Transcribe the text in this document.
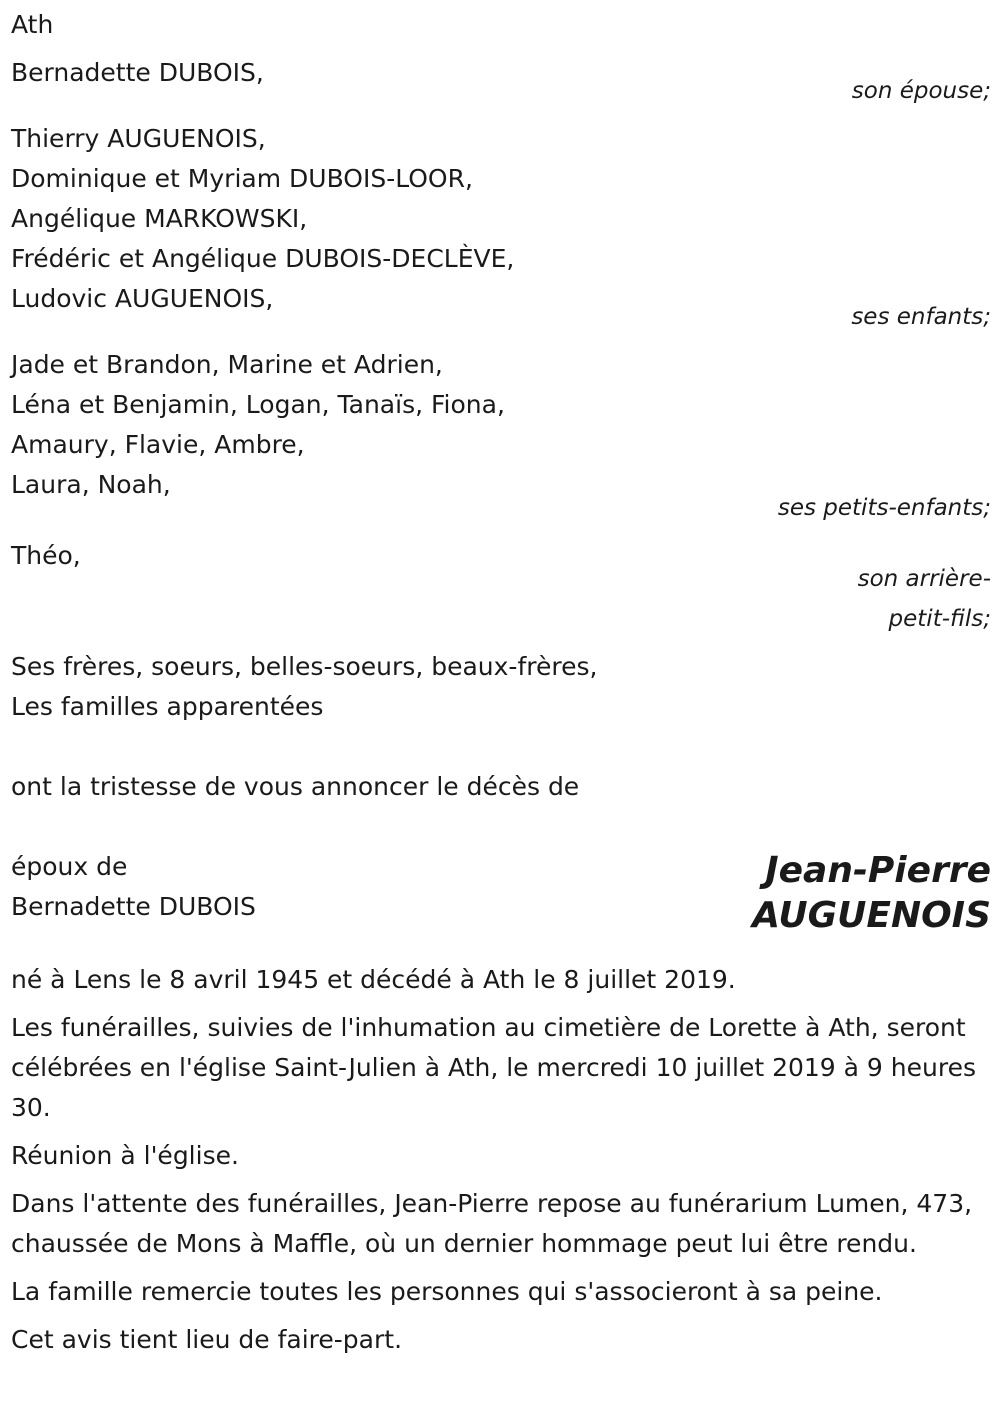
Ath
Bernadette DUBOIS,
son épouse;
Thierry AUGUENOIS,
Dominique et Myriam DUBOIS-LOOR,
Angélique MARKOWSKI,
Frédéric et Angélique DUBOIS-DECLÈVE,
Ludovic AUGUENOIS,
ses enfants;
Jade et Brandon, Marine et Adrien,
Léna et Benjamin, Logan, Tanaïs, Fiona,
Amaury, Flavie, Ambre,
Laura, Noah,
ses petits-enfants;
Théo,
son arrière-
petit-fils;
Ses frères, soeurs, belles-soeurs, beaux-frères,
Les familles apparentées
ont la tristesse de vous annoncer le décès de
époux de
Bernadette DUBOIS
Jean-Pierre
AUGUENOIS
né à Lens le 8 avril 1945 et décédé à Ath le 8 juillet 2019.
Les funérailles, suivies de l'inhumation au cimetière de Lorette à Ath, seront célébrées en l'église Saint-Julien à Ath, le mercredi 10 juillet 2019 à 9 heures 30.
Réunion à l'église.
Dans l'attente des funérailles, Jean-Pierre repose au funérarium Lumen, 473, chaussée de Mons à Maffle, où un dernier hommage peut lui être rendu.
La famille remercie toutes les personnes qui s'associeront à sa peine.
Cet avis tient lieu de faire-part.
